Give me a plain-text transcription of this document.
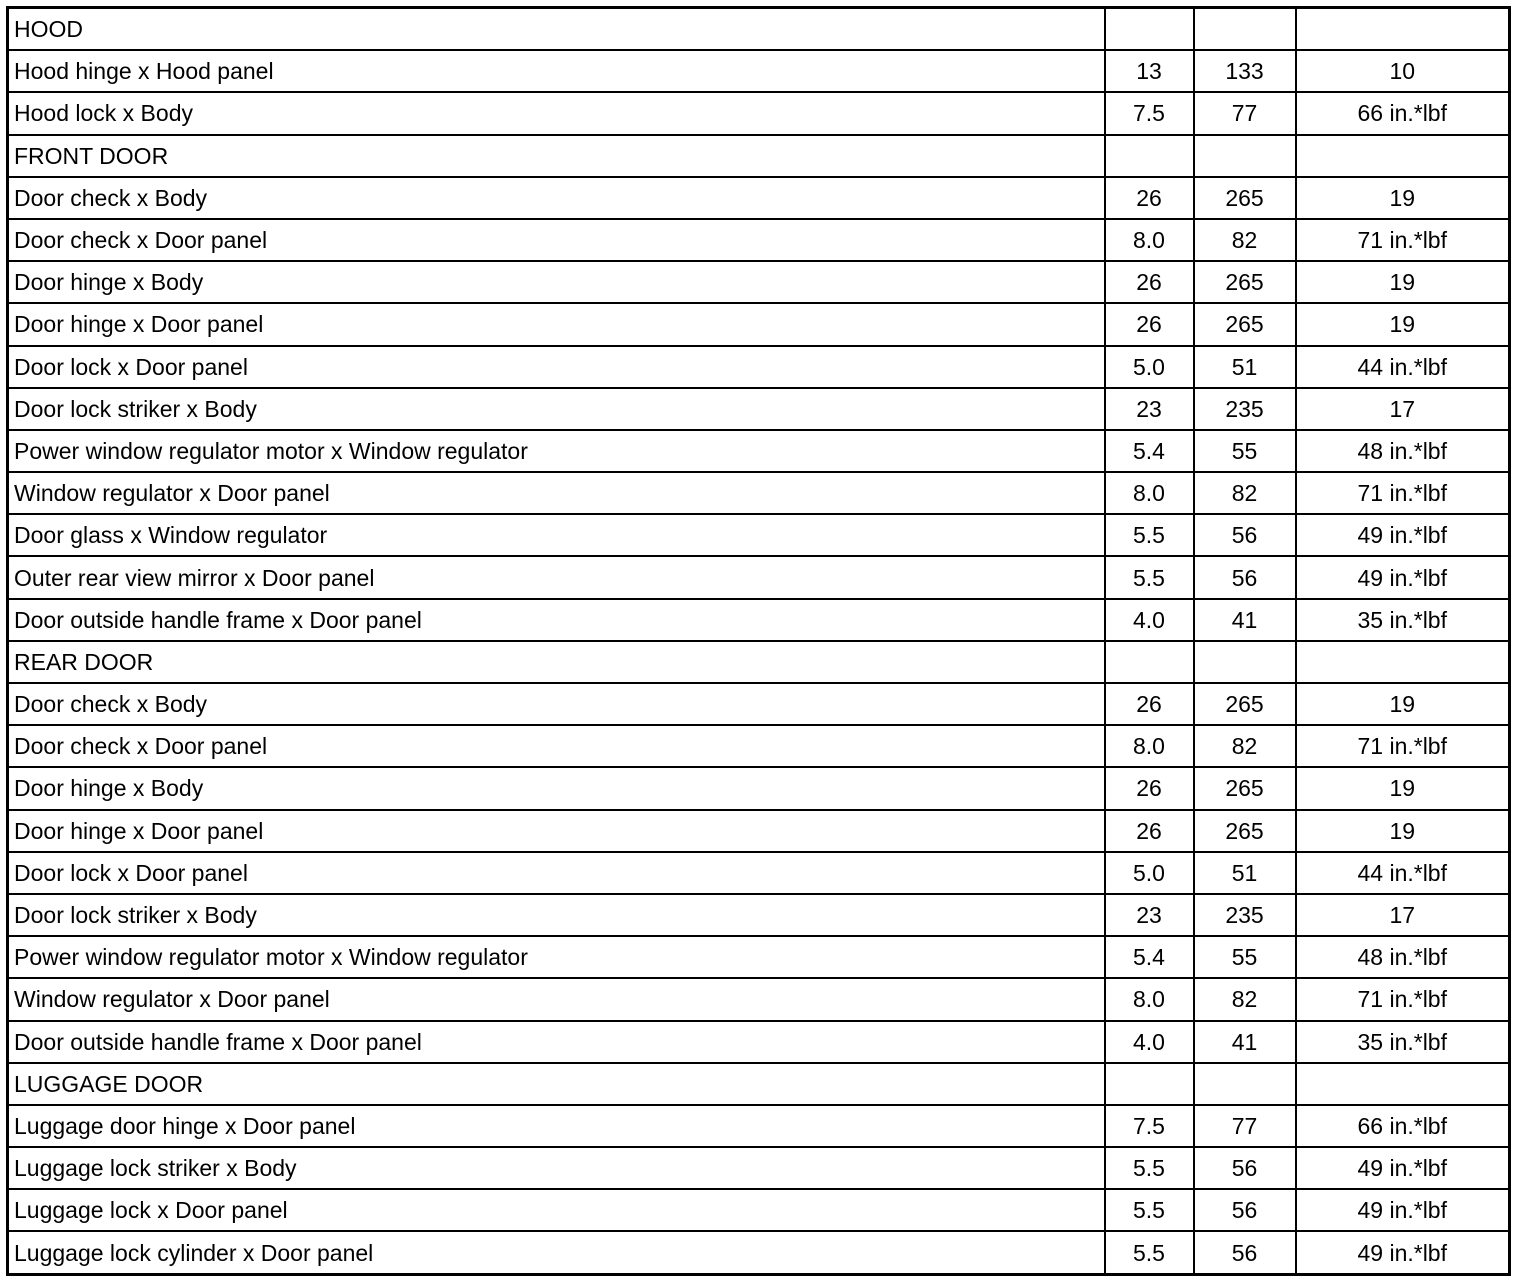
HOOD			
Hood hinge x Hood panel	13	133	10
Hood lock x Body	7.5	77	66 in.*lbf
FRONT DOOR			
Door check x Body	26	265	19
Door check x Door panel	8.0	82	71 in.*lbf
Door hinge x Body	26	265	19
Door hinge x Door panel	26	265	19
Door lock x Door panel	5.0	51	44 in.*lbf
Door lock striker x Body	23	235	17
Power window regulator motor x Window regulator	5.4	55	48 in.*lbf
Window regulator x Door panel	8.0	82	71 in.*lbf
Door glass x Window regulator	5.5	56	49 in.*lbf
Outer rear view mirror x Door panel	5.5	56	49 in.*lbf
Door outside handle frame x Door panel	4.0	41	35 in.*lbf
REAR DOOR			
Door check x Body	26	265	19
Door check x Door panel	8.0	82	71 in.*lbf
Door hinge x Body	26	265	19
Door hinge x Door panel	26	265	19
Door lock x Door panel	5.0	51	44 in.*lbf
Door lock striker x Body	23	235	17
Power window regulator motor x Window regulator	5.4	55	48 in.*lbf
Window regulator x Door panel	8.0	82	71 in.*lbf
Door outside handle frame x Door panel	4.0	41	35 in.*lbf
LUGGAGE DOOR			
Luggage door hinge x Door panel	7.5	77	66 in.*lbf
Luggage lock striker x Body	5.5	56	49 in.*lbf
Luggage lock x Door panel	5.5	56	49 in.*lbf
Luggage lock cylinder x Door panel	5.5	56	49 in.*lbf
